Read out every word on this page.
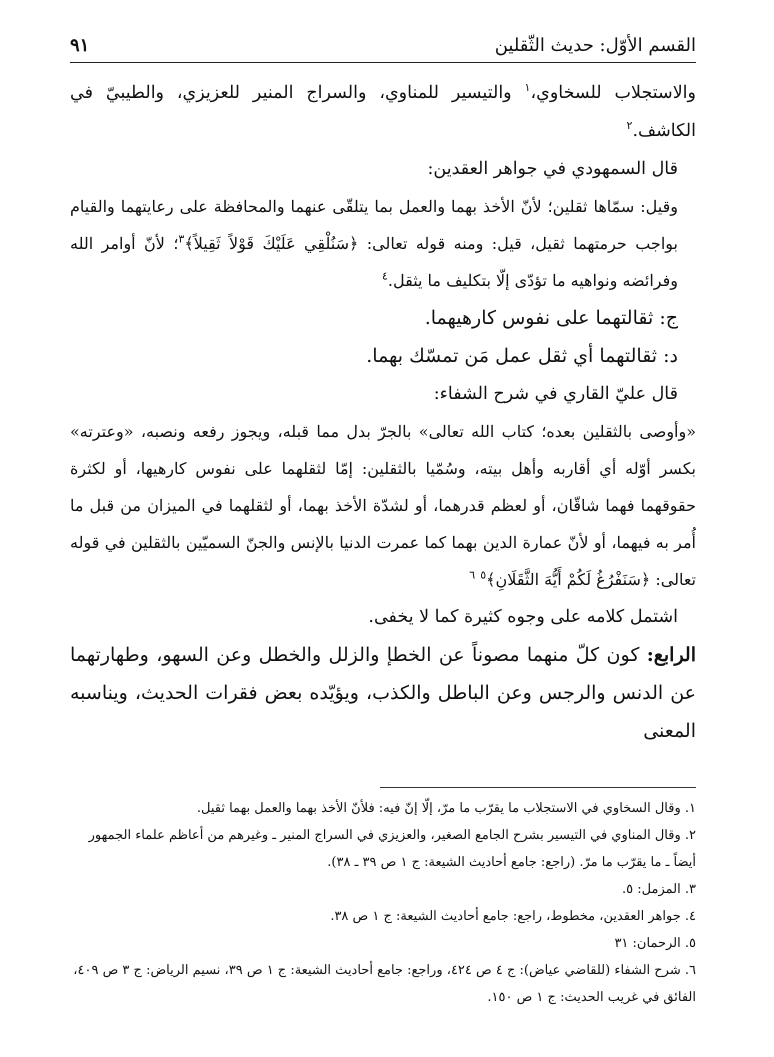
القسم الأوّل: حديث الثّقلين
٩١

والاستجلاب للسخاوي،$^١$ والتيسير للمناوي، والسراج المنير للعزيزي، والطيبيّ في الكاشف.$^٢$

قال السمهودي في جواهر العقدين:

وقيل: سمّاها ثقلين؛ لأنّ الأخذ بهما والعمل بما يتلقّى عنهما والمحافظة على رعايتهما والقيام بواجب حرمتهما ثقيل، قيل: ومنه قوله تعالى: ﴿سَنُلْقِي عَلَيْكَ قَوْلاً ثَقِيلاً﴾$^٣$؛ لأنّ أوامر الله وفرائضه ونواهيه ما تؤدّى إلّا بتكليف ما يثقل.$^٤$

ج: ثقالتهما على نفوس كارهيهما.

د: ثقالتهما أي ثقل عمل مَن تمسّك بهما.

قال عليّ القاري في شرح الشفاء:

«وأوصى بالثقلين بعده؛ كتاب الله تعالى» بالجرّ بدل مما قبله، ويجوز رفعه ونصبه، «وعترته» بكسر أوّله أي أقاربه وأهل بيته، وسُمّيا بالثقلين: إمّا لثقلهما على نفوس كارهيها، أو لكثرة حقوقهما فهما شاقّان، أو لعظم قدرهما، أو لشدّة الأخذ بهما، أو لثقلهما في الميزان من قبل ما أُمر به فيهما، أو لأنّ عمارة الدين بهما كما عمرت الدنيا بالإنس والجنّ السميّين بالثقلين في قوله تعالى: ﴿سَنَفْرُغُ لَكُمْ أَيُّهَ الثَّقَلَانِ﴾$^٥$ $^٦$

اشتمل كلامه على وجوه كثيرة كما لا يخفى.

الرابع: كون كلّ منهما مصوناً عن الخطإ والزلل والخطل وعن السهو، وطهارتهما عن الدنس والرجس وعن الباطل والكذب، ويؤيّده بعض فقرات الحديث، ويناسبه المعنى

١. وقال السخاوي في الاستجلاب ما يقرّب ما مرّ، إلّا إنّ فيه: فلأنّ الأخذ بهما والعمل بهما ثقيل.

٢. وقال المناوي في التيسير بشرح الجامع الصغير، والعزيزي في السراج المنير ـ وغيرهم من أعاظم علماء الجمهور أيضاً ـ ما يقرّب ما مرّ. (راجع: جامع أحاديث الشيعة: ج ١ ص ٣٩ ـ ٣٨).

٣. المزمل: ٥.

٤. جواهر العقدين، مخطوط، راجع: جامع أحاديث الشيعة: ج ١ ص ٣٨.

٥. الرحمان: ٣١

٦. شرح الشفاء (للقاضي عياض): ج ٤ ص ٤٢٤، وراجع: جامع أحاديث الشيعة: ج ١ ص ٣٩، نسيم الرياض: ج ٣ ص ٤٠٩، الفائق في غريب الحديث: ج ١ ص ١٥٠.
